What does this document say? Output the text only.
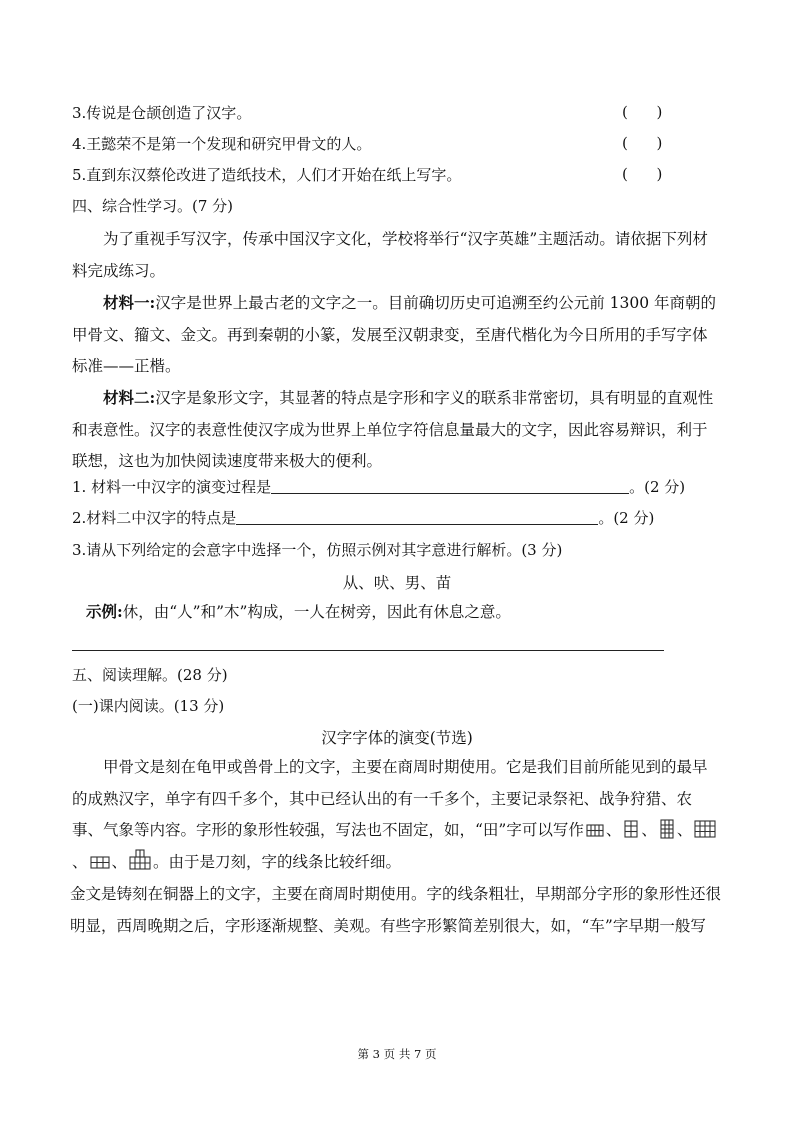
3.传说是仓颉创造了汉字。	(      )
4.王懿荣不是第一个发现和研究甲骨文的人。	(      )
5.直到东汉蔡伦改进了造纸技术，人们才开始在纸上写字。	(      )
四、综合性学习。(7 分)
为了重视手写汉字，传承中国汉字文化，学校将举行“汉字英雄”主题活动。请依据下列材料完成练习。
材料一:汉字是世界上最古老的文字之一。目前确切历史可追溯至约公元前 1300 年商朝的甲骨文、籀文、金文。再到秦朝的小篆，发展至汉朝隶变，至唐代楷化为今日所用的手写字体标准——正楷。
材料二:汉字是象形文字，其显著的特点是字形和字义的联系非常密切，具有明显的直观性和表意性。汉字的表意性使汉字成为世界上单位字符信息量最大的文字，因此容易辩识，利于联想，这也为加快阅读速度带来极大的便利。
1. 材料一中汉字的演变过程是	。(2 分)
2.材料二中汉字的特点是	。(2 分)
3.请从下列给定的会意字中选择一个，仿照示例对其字意进行解析。(3 分)
从、吠、男、苗
示例:休，由“人”和”木”构成，一人在树旁，因此有休息之意。
五、阅读理解。(28 分)
(一)课内阅读。(13 分)
汉字字体的演变(节选)
甲骨文是刻在龟甲或兽骨上的文字，主要在商周时期使用。它是我们目前所能见到的最早的成熟汉字，单字有四千多个，其中已经认出的有一千多个，主要记录祭祀、战争狩猎、农事、气象等内容。字形的象形性较强，写法也不固定，如，“田”字可以写作 、 、 、、 、 。由于是刀刻，字的线条比较纤细。
金文是铸刻在铜器上的文字，主要在商周时期使用。字的线条粗壮，早期部分字形的象形性还很明显，西周晚期之后，字形逐渐规整、美观。有些字形繁简差别很大，如，“车”字早期一般写
第 3 页 共 7 页
